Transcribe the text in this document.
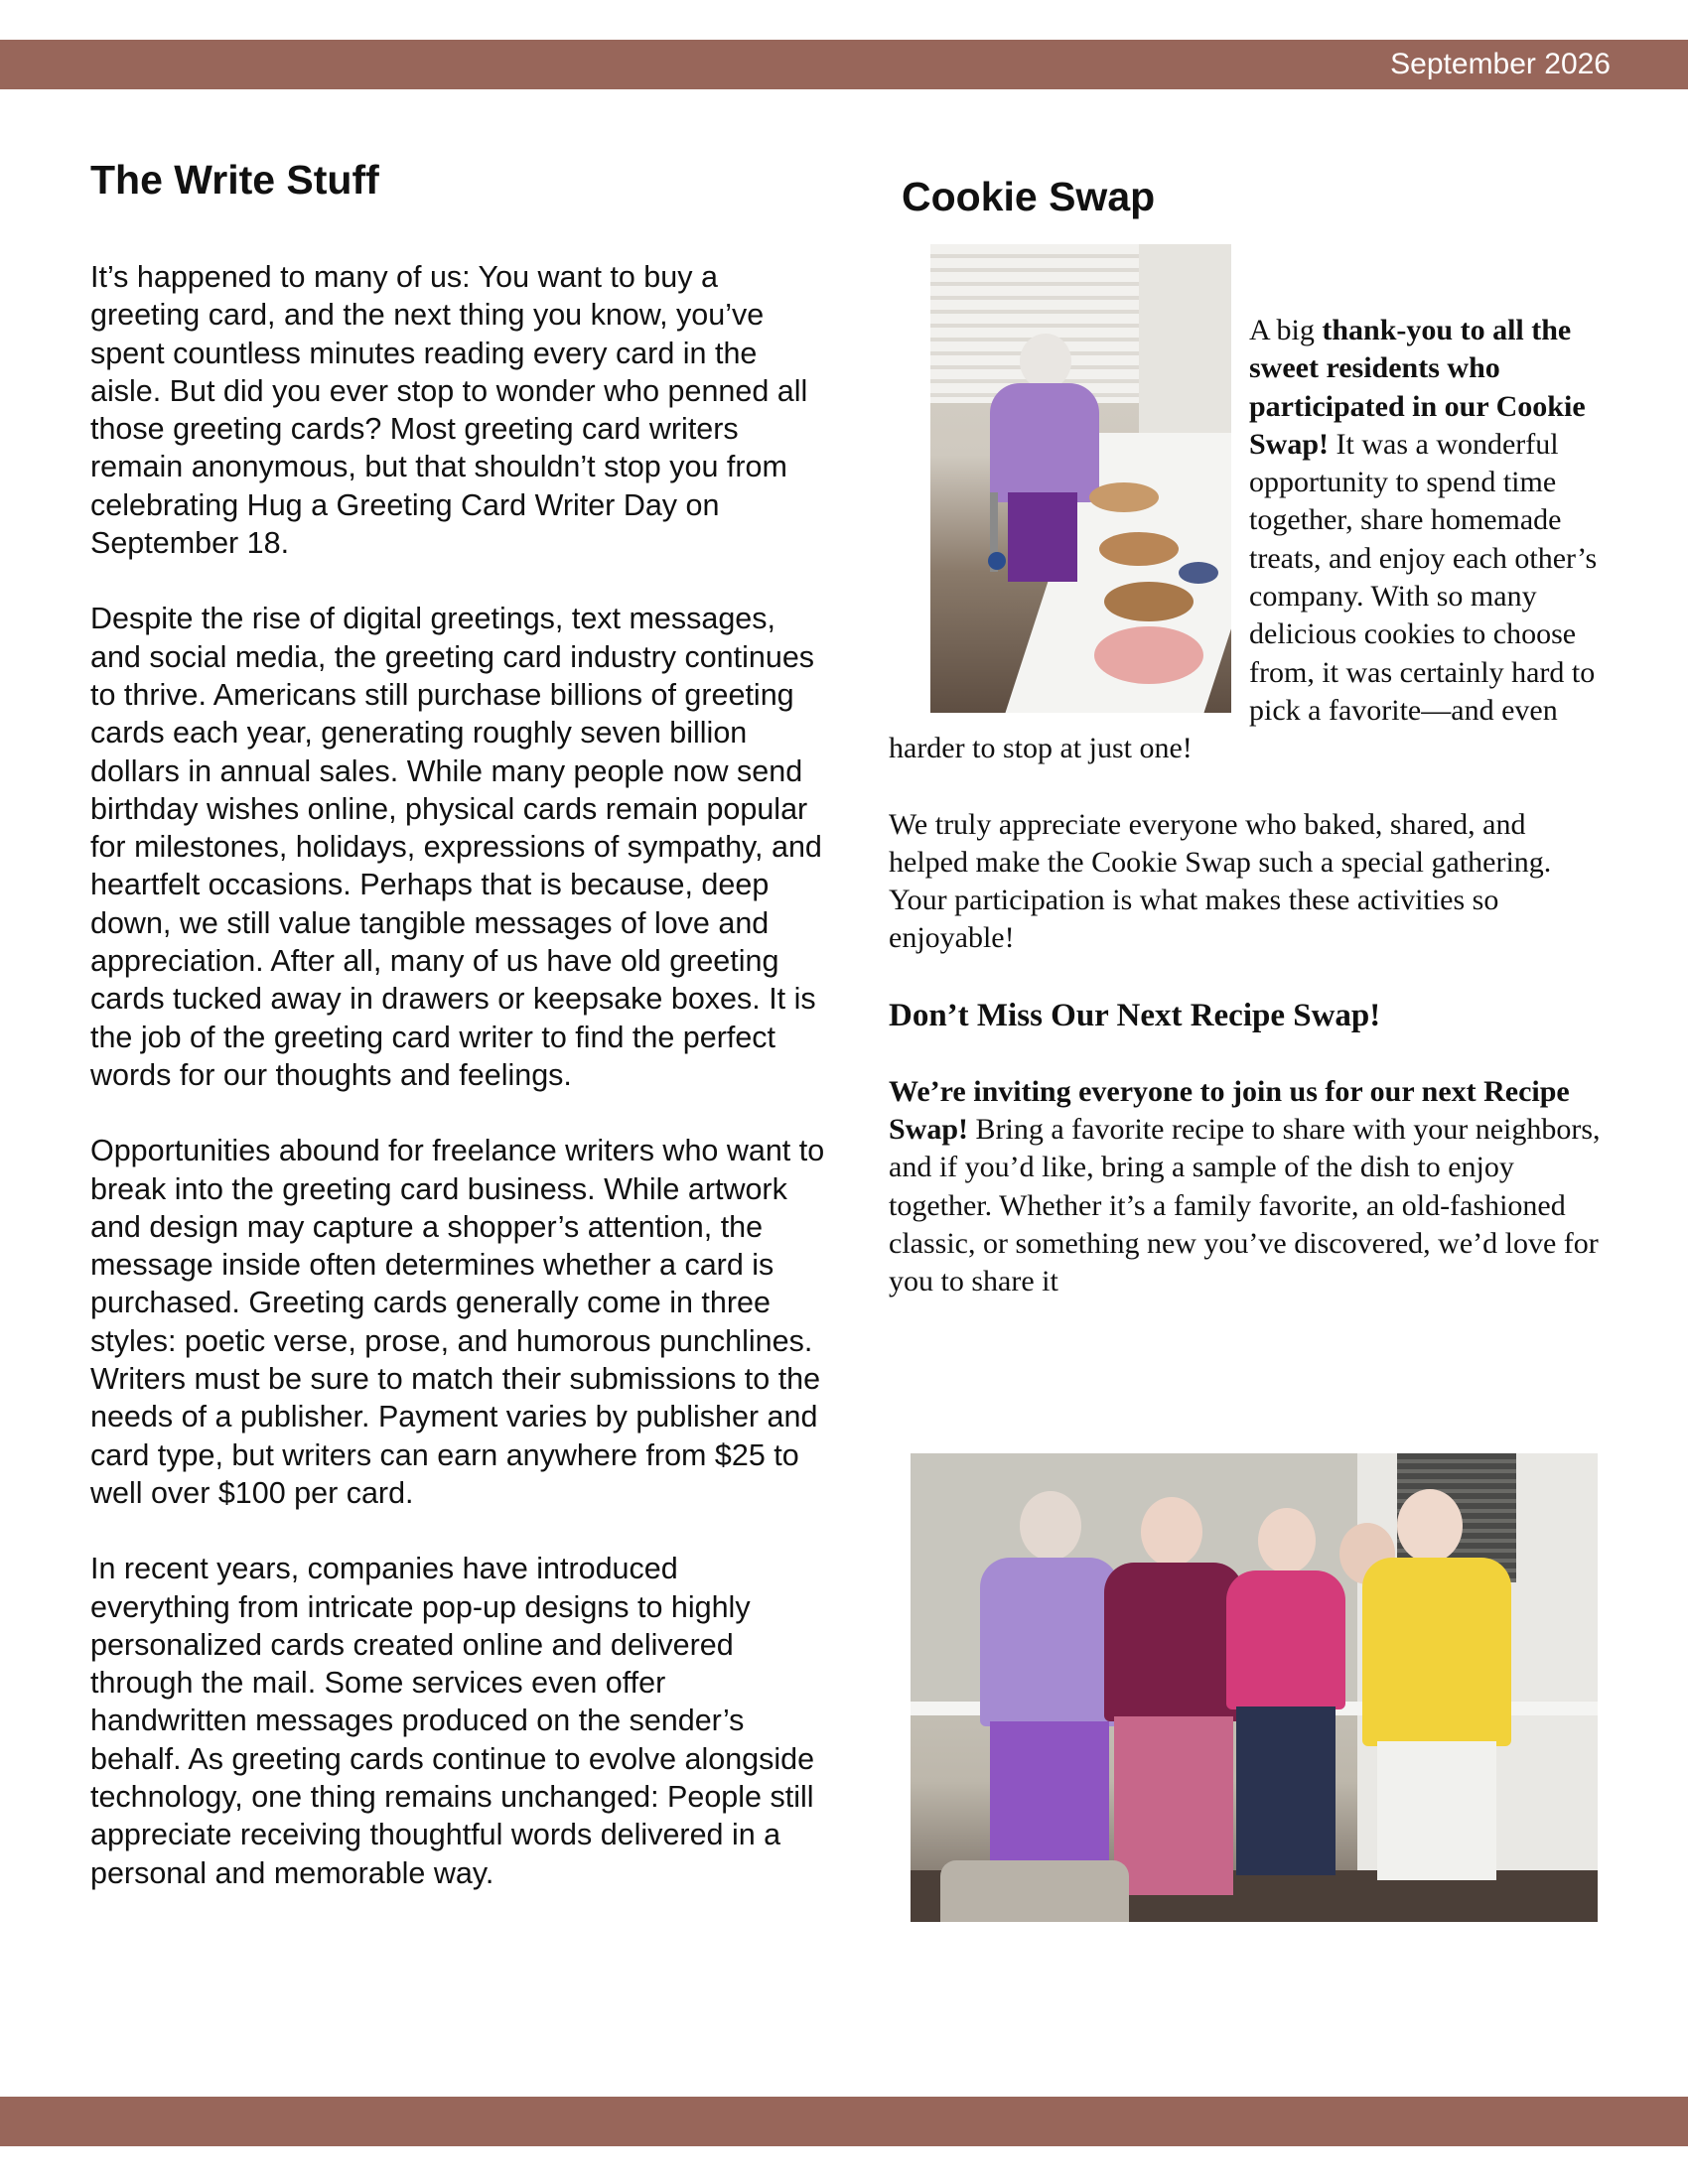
September 2026
The Write Stuff

It’s happened to many of us: You want to buy a greeting card, and the next thing you know, you’ve spent countless minutes reading every card in the aisle. But did you ever stop to wonder who penned all those greeting cards? Most greeting card writers remain anonymous, but that shouldn’t stop you from celebrating Hug a Greeting Card Writer Day on September 18.

Despite the rise of digital greetings, text messages, and social media, the greeting card industry continues to thrive. Americans still purchase billions of greeting cards each year, generating roughly seven billion dollars in annual sales. While many people now send birthday wishes online, physical cards remain popular for milestones, holidays, expressions of sympathy, and heartfelt occasions. Perhaps that is because, deep down, we still value tangible messages of love and appreciation. After all, many of us have old greeting cards tucked away in drawers or keepsake boxes. It is the job of the greeting card writer to find the perfect words for our thoughts and feelings.

Opportunities abound for freelance writers who want to break into the greeting card business. While artwork and design may capture a shopper’s attention, the message inside often determines whether a card is purchased. Greeting cards generally come in three styles: poetic verse, prose, and humorous punchlines. Writers must be sure to match their submissions to the needs of a publisher. Payment varies by publisher and card type, but writers can earn anywhere from $25 to well over $100 per card.

In recent years, companies have introduced everything from intricate pop-up designs to highly personalized cards created online and delivered through the mail. Some services even offer handwritten messages produced on the sender’s behalf. As greeting cards continue to evolve alongside technology, one thing remains unchanged: People still appreciate receiving thoughtful words delivered in a personal and memorable way.

Cookie Swap

A big thank-you to all the sweet residents who participated in our Cookie Swap! It was a wonderful opportunity to spend time together, share homemade treats, and enjoy each other’s company. With so many delicious cookies to choose from, it was certainly hard to pick a favorite—and even harder to stop at just one!

We truly appreciate everyone who baked, shared, and helped make the Cookie Swap such a special gathering. Your participation is what makes these activities so enjoyable!

Don’t Miss Our Next Recipe Swap!

We’re inviting everyone to join us for our next Recipe Swap! Bring a favorite recipe to share with your neighbors, and if you’d like, bring a sample of the dish to enjoy together. Whether it’s a family favorite, an old-fashioned classic, or something new you’ve discovered, we’d love for you to share it
